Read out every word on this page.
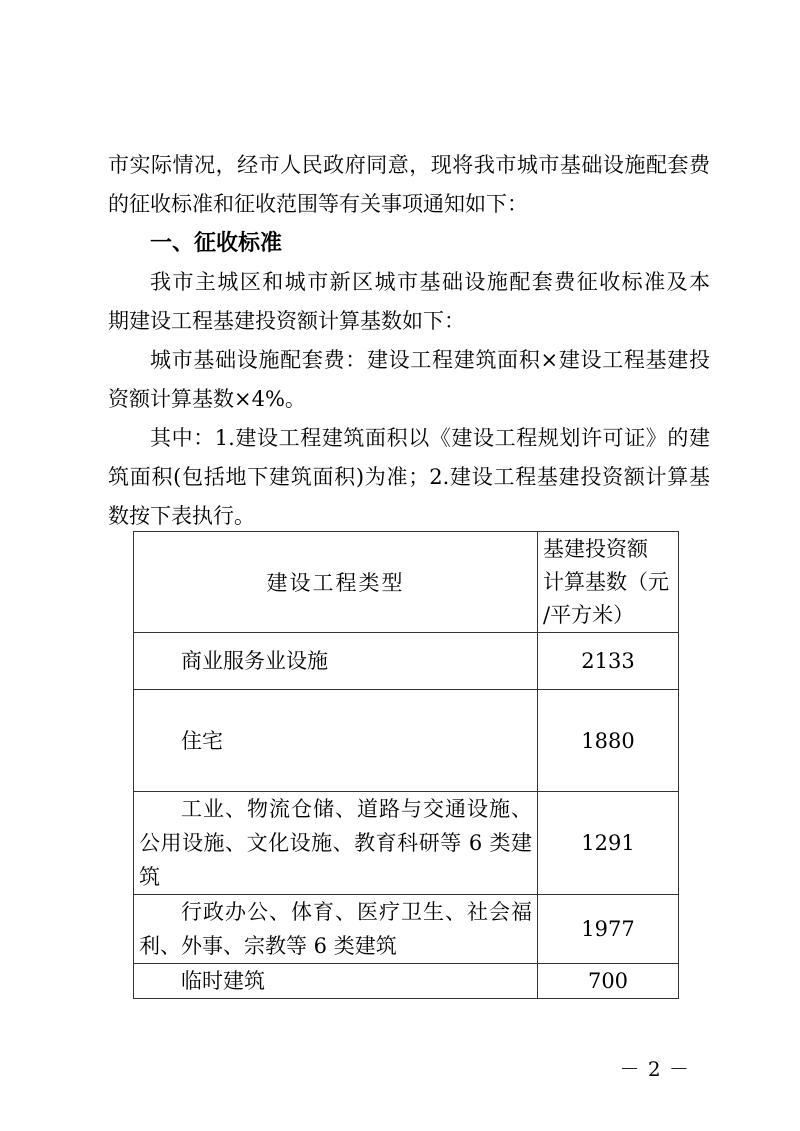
市实际情况，经市人民政府同意，现将我市城市基础设施配套费
的征收标准和征收范围等有关事项通知如下：

一、征收标准

我市主城区和城市新区城市基础设施配套费征收标准及本
期建设工程基建投资额计算基数如下：

城市基础设施配套费：建设工程建筑面积×建设工程基建投
资额计算基数×4%。

其中：1.建设工程建筑面积以《建设工程规划许可证》的建
筑面积(包括地下建筑面积)为准；2.建设工程基建投资额计算基
数按下表执行。

建设工程类型	基建投资额
计算基数（元
/平方米）

商业服务业设施	2133

住宅	1880

工业、物流仓储、道路与交通设施、
公用设施、文化设施、教育科研等 6 类建
筑	1291

行政办公、体育、医疗卫生、社会福
利、外事、宗教等 6 类建筑	1977

临时建筑	700
－ 2 －
